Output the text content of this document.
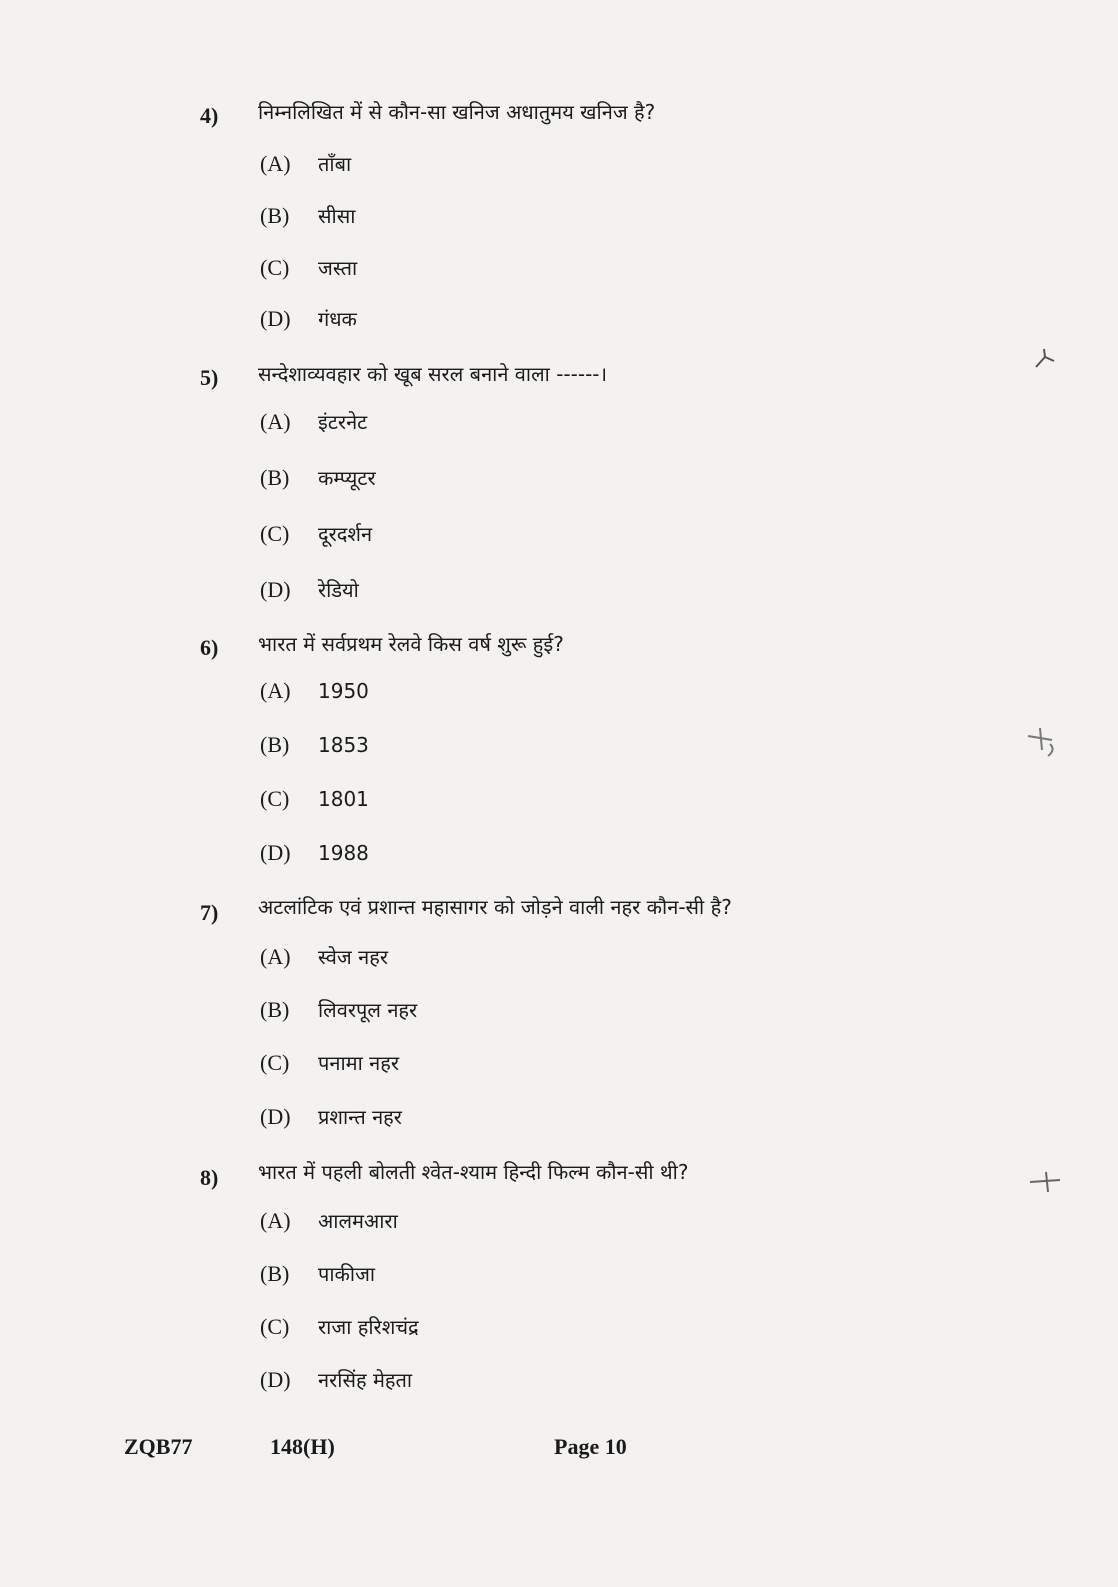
4)	निम्नलिखित में से कौन-सा खनिज अधातुमय खनिज है?
(A)	ताँबा
(B)	सीसा
(C)	जस्ता
(D)	गंधक
5)	सन्देशाव्यवहार को खूब सरल बनाने वाला ------।
(A)	इंटरनेट
(B)	कम्प्यूटर
(C)	दूरदर्शन
(D)	रेडियो
6)	भारत में सर्वप्रथम रेलवे किस वर्ष शुरू हुई?
(A)	1950
(B)	1853
(C)	1801
(D)	1988
7)	अटलांटिक एवं प्रशान्त महासागर को जोड़ने वाली नहर कौन-सी है?
(A)	स्वेज नहर
(B)	लिवरपूल नहर
(C)	पनामा नहर
(D)	प्रशान्त नहर
8)	भारत में पहली बोलती श्वेत-श्याम हिन्दी फिल्म कौन-सी थी?
(A)	आलमआरा
(B)	पाकीजा
(C)	राजा हरिशचंद्र
(D)	नरसिंह मेहता
ZQB77	148(H)	Page 10
